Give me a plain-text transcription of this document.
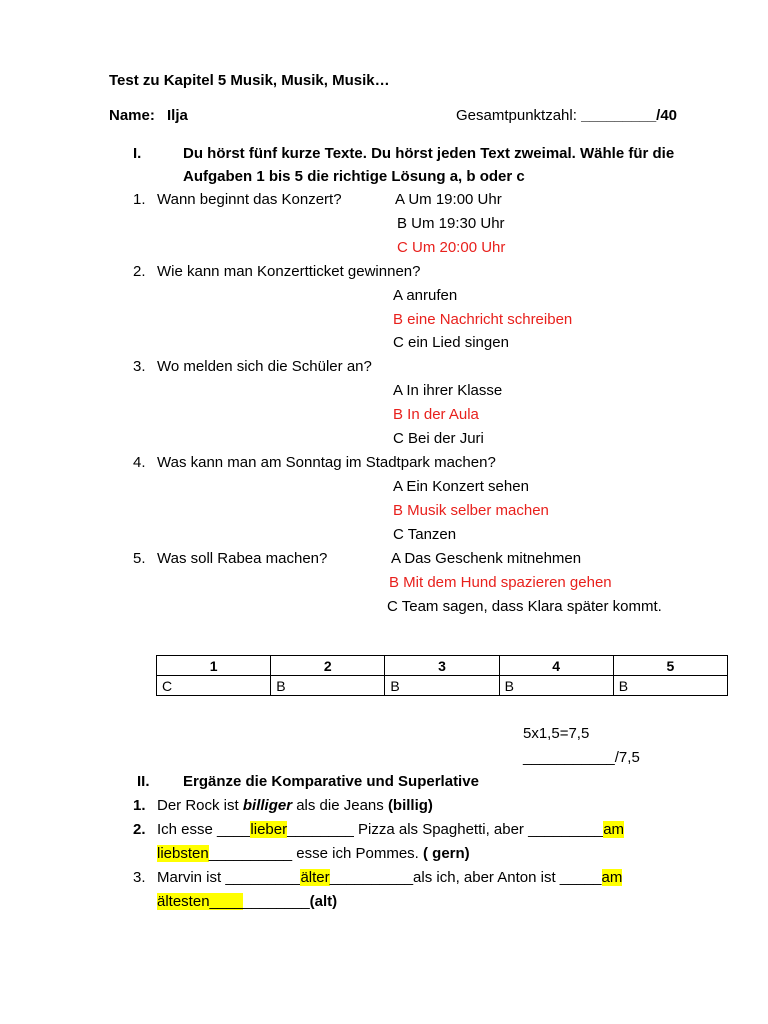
Test zu Kapitel 5 Musik, Musik, Musik…
Name: Ilja	Gesamtpunktzahl: _________/40
I.	Du hörst fünf kurze Texte. Du hörst jeden Text zweimal. Wähle für die
Aufgaben 1 bis 5 die richtige Lösung a, b oder c
1. Wann beginnt das Konzert?	A Um 19:00 Uhr
B Um 19:30 Uhr
C Um 20:00 Uhr
2. Wie kann man Konzertticket gewinnen?
A anrufen
B eine Nachricht schreiben
C ein Lied singen
3. Wo melden sich die Schüler an?
A In ihrer Klasse
B In der Aula
C Bei der Juri
4. Was kann man am Sonntag im Stadtpark machen?
A Ein Konzert sehen
B Musik selber machen
C Tanzen
5. Was soll Rabea machen?	A Das Geschenk mitnehmen
B Mit dem Hund spazieren gehen
C Team sagen, dass Klara später kommt.
1	2	3	4	5
C	B	B	B	B
5x1,5=7,5
___________/7,5
II. Ergänze die Komparative und Superlative
1. Der Rock ist billiger als die Jeans (billig)
2. Ich esse ____lieber________ Pizza als Spaghetti, aber _________am
liebsten__________ esse ich Pommes. ( gern)
3. Marvin ist _________älter__________als ich, aber Anton ist _____am
ältesten____________(alt)
